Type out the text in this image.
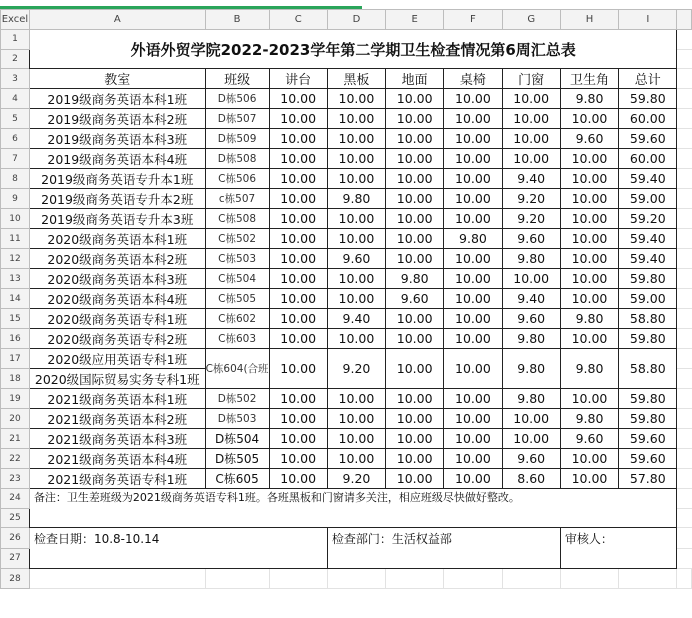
Excel	A	B	C	D	E	F	G	H	I	
1	外语外贸学院2022-2023学年第二学期卫生检查情况第6周汇总表									
2										
3	教室	班级	讲台	黑板	地面	桌椅	门窗	卫生角	总计	
4	2019级商务英语本科1班	D栋506	10.00	10.00	10.00	10.00	10.00	9.80	59.80	
5	2019级商务英语本科2班	D栋507	10.00	10.00	10.00	10.00	10.00	10.00	60.00	
6	2019级商务英语本科3班	D栋509	10.00	10.00	10.00	10.00	10.00	9.60	59.60	
7	2019级商务英语本科4班	D栋508	10.00	10.00	10.00	10.00	10.00	10.00	60.00	
8	2019级商务英语专升本1班	C栋506	10.00	10.00	10.00	10.00	9.40	10.00	59.40	
9	2019级商务英语专升本2班	c栋507	10.00	9.80	10.00	10.00	9.20	10.00	59.00	
10	2019级商务英语专升本3班	C栋508	10.00	10.00	10.00	10.00	9.20	10.00	59.20	
11	2020级商务英语本科1班	C栋502	10.00	10.00	10.00	9.80	9.60	10.00	59.40	
12	2020级商务英语本科2班	C栋503	10.00	9.60	10.00	10.00	9.80	10.00	59.40	
13	2020级商务英语本科3班	C栋504	10.00	10.00	9.80	10.00	10.00	10.00	59.80	
14	2020级商务英语本科4班	C栋505	10.00	10.00	9.60	10.00	9.40	10.00	59.00	
15	2020级商务英语专科1班	C栋602	10.00	9.40	10.00	10.00	9.60	9.80	58.80	
16	2020级商务英语专科2班	C栋603	10.00	10.00	10.00	10.00	9.80	10.00	59.80	
17	2020级应用英语专科1班	C栋604(合班	10.00	9.20	10.00	10.00	9.80	9.80	58.80	
18	2020级国际贸易实务专科1班									
19	2021级商务英语本科1班	D栋502	10.00	10.00	10.00	10.00	9.80	10.00	59.80	
20	2021级商务英语本科2班	D栋503	10.00	10.00	10.00	10.00	10.00	9.80	59.80	
21	2021级商务英语本科3班	D栋504	10.00	10.00	10.00	10.00	10.00	9.60	59.60	
22	2021级商务英语本科4班	D栋505	10.00	10.00	10.00	10.00	9.60	10.00	59.60	
23	2021级商务英语专科1班	C栋605	10.00	9.20	10.00	10.00	8.60	10.00	57.80	
24	备注：卫生差班级为2021级商务英语专科1班。各班黑板和门窗请多关注，相应班级尽快做好整改。									
25										
26	检查日期：10.8-10.14			检查部门：生活权益部				审核人：		
27										
28										
